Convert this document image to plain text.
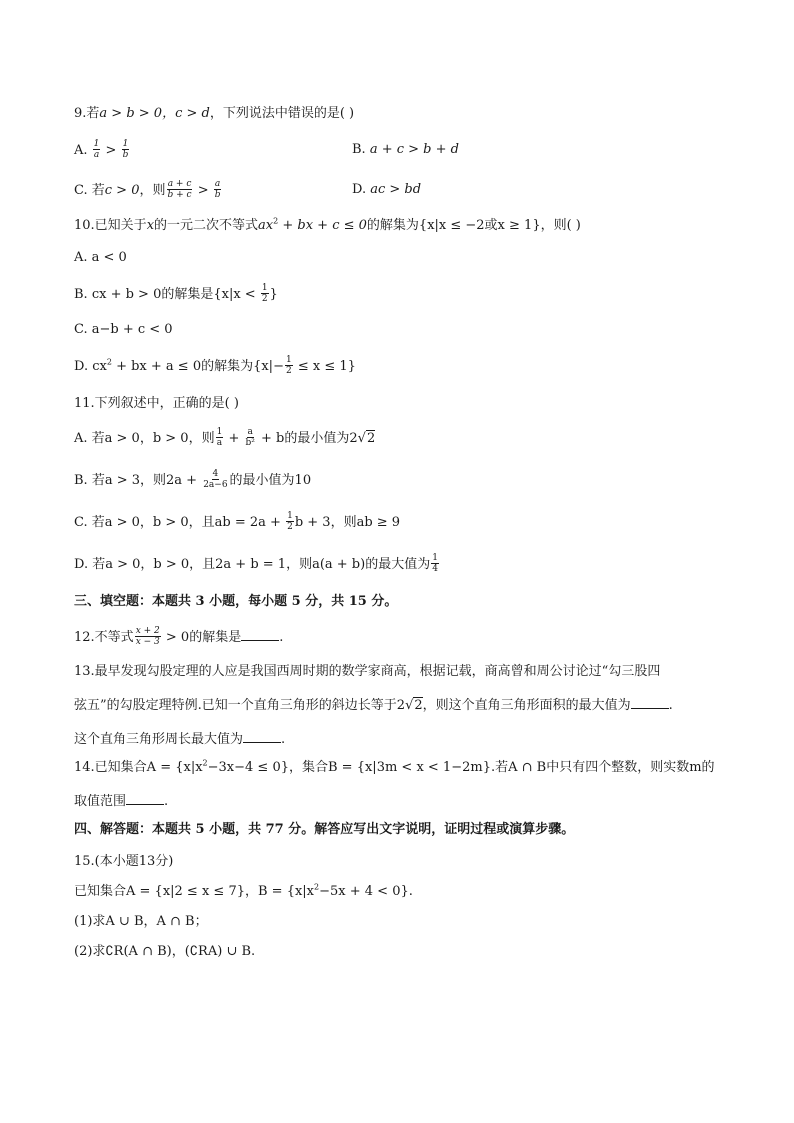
9.若a > b > 0，c > d，下列说法中错误的是( )
A. $\frac{1}{a} > \frac{1}{b}$	B. a + c > b + d
C. 若c > 0，则 $\frac{a + c}{b + c} > \frac{a}{b}$	D. ac > bd
10.已知关于x的一元二次不等式$ax^2$ + bx + c ≤ 0的解集为{x|x ≤ −2或x ≥ 1}，则( )
A. a < 0
B. cx + b > 0的解集是{$x|x < \frac{1}{2}$ }
C. a−b + c < 0
D. $cx^2$ + bx + a ≤ 0的解集为$\{x|- \frac{1}{2} \le x \le 1\}$
11.下列叙述中，正确的是( )
A. 若a > 0，b > 0，则 $\frac{1}{a} + \frac{a}{\text{b²}} + b$的最小值为2√2
B. 若a > 3，则$2a + \frac{4}{2a-6}$ 的最小值为10
C. 若a > 0，b > 0，且ab = $2a + \frac{1}{2}$ b + 3，则ab ≥ 9
D. 若a > 0，b > 0，且2a + b = 1，则a(a + b)的最大值为 $\frac{1}{4}$
三、填空题：本题共 3 小题，每小题 5 分，共 15 分。
12.不等式 $\frac{x + 2}{x - 3} > 0$的解集是	.
13.最早发现勾股定理的人应是我国西周时期的数学家商高，根据记载，商高曾和周公讨论过“勾三股四
弦五”的勾股定理特例.已知一个直角三角形的斜边长等于2√2，则这个直角三角形面积的最大值为	.
这个直角三角形周长最大值为	.
14.已知集合$A = \{x|x^2-3x-4 \le 0\}$，集合B = {x|3m < x < 1−2m}.若A ∩ B中只有四个整数，则实数m的
取值范围	.
四、解答题：本题共 5 小题，共 77 分。解答应写出文字说明，证明过程或演算步骤。
15.(本小题13分)
已知集合A = {x|2 ≤ x ≤ 7}，$B = \{x|x^2-5x + 4 < 0\}$.
(1)求A ∪ B，A ∩ B；
(2)求∁R(A ∩ B)，(∁RA) ∪ B.
